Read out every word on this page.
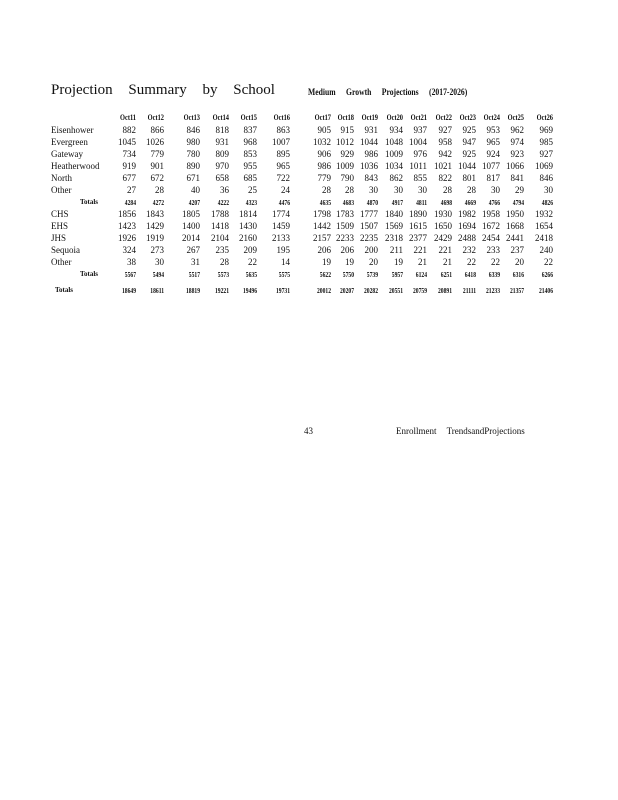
Projection Summary by School	Medium Growth Projections (2017-2026)
Oct11	Oct12	Oct13	Oct14	Oct15	Oct16	Oct17 Oct18 Oct19	Oct20 Oct21	Oct22 Oct23 Oct24 Oct25	Oct26
Eisenhower	882	866	846	818	837	863	905	915	931	934	937	927	925	953	962	969
Evergreen	1045	1026	980	931	968	1007	1032 1012 1044 1048 1004	958	947	965	974	985
Gateway	734	779	780	809	853	895	906	929	986 1009	976	942	925	924	923	927
Heatherwood	919	901	890	970	955	965	986 1009 1036 1034 1011 1021 1044 1077 1066	1069
North	677	672	671	658	685	722	779	790	843	862	855	822	801	817	841	846
Other	27	28	40	36	25	24	28	28	30	30	30	28	28	30	29	30
Totals	4284	4272	4207	4222	4323	4476	4635	4683	4870	4917	4811	4698	4669	4766	4794	4826
CHS	1856	1843	1805	1788	1814	1774	1798 1783 1777 1840 1890 1930 1982 1958 1950	1932
EHS	1423	1429	1400	1418	1430	1459	1442 1509 1507 1569 1615 1650 1694 1672 1668	1654
JHS	1926	1919	2014	2104	2160	2133	2157 2233 2235 2318 2377 2429 2488 2454 2441	2418
Sequoia	324	273	267	235	209	195	206	206	200	211	221	221	232	233	237	240
Other	38	30	31	28	22	14	19	19	20	19	21	21	22	22	20	22
Totals	5567	5494	5517	5573	5635	5575	5622	5750	5739	5957	6124	6251	6418	6339	6316	6266
Totals	18649	18611	18819	19221	19496	19731	20012	20207	20282	20551	20759	20891	21111	21233	21357	21406
43	Enrollment TrendsandProjections
